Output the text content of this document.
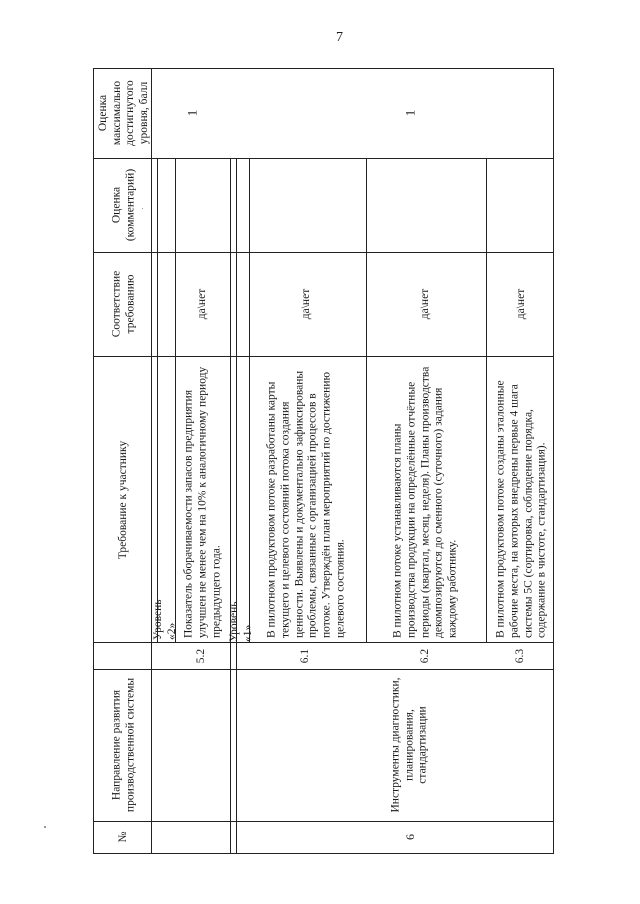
7
Оценка максимально достигнутого уровня, балл
Оценка (комментарий)
Соответствие требованию
Требование к участнику
Направление развития производственной системы
№
1
Уровень «2»
5.2
Показатель оборачиваемости запасов предприятия улучшен не менее чем на 10% к аналогичному периоду предыдущего года.
да\нет
1
Уровень «1»
6.1
В пилотном продуктовом потоке разработаны карты текущего и целевого состояний потока создания ценности. Выявлены и документально зафиксированы проблемы, связанные с организацией процессов в потоке. Утверждён план мероприятий по достижению целевого состояния.
да\нет
6.2
В пилотном потоке устанавливаются планы производства продукции на определённые отчётные периоды (квартал, месяц, неделя). Планы производства декомпозируются до сменного (суточного) задания каждому работнику.
да\нет
6.3
В пилотном продуктовом потоке созданы эталонные рабочие места, на которых внедрены первые 4 шага системы 5С (сортировка, соблюдение порядка, содержание в чистоте, стандартизация).
да\нет
Инструменты диагностики, планирования, стандартизации
6
